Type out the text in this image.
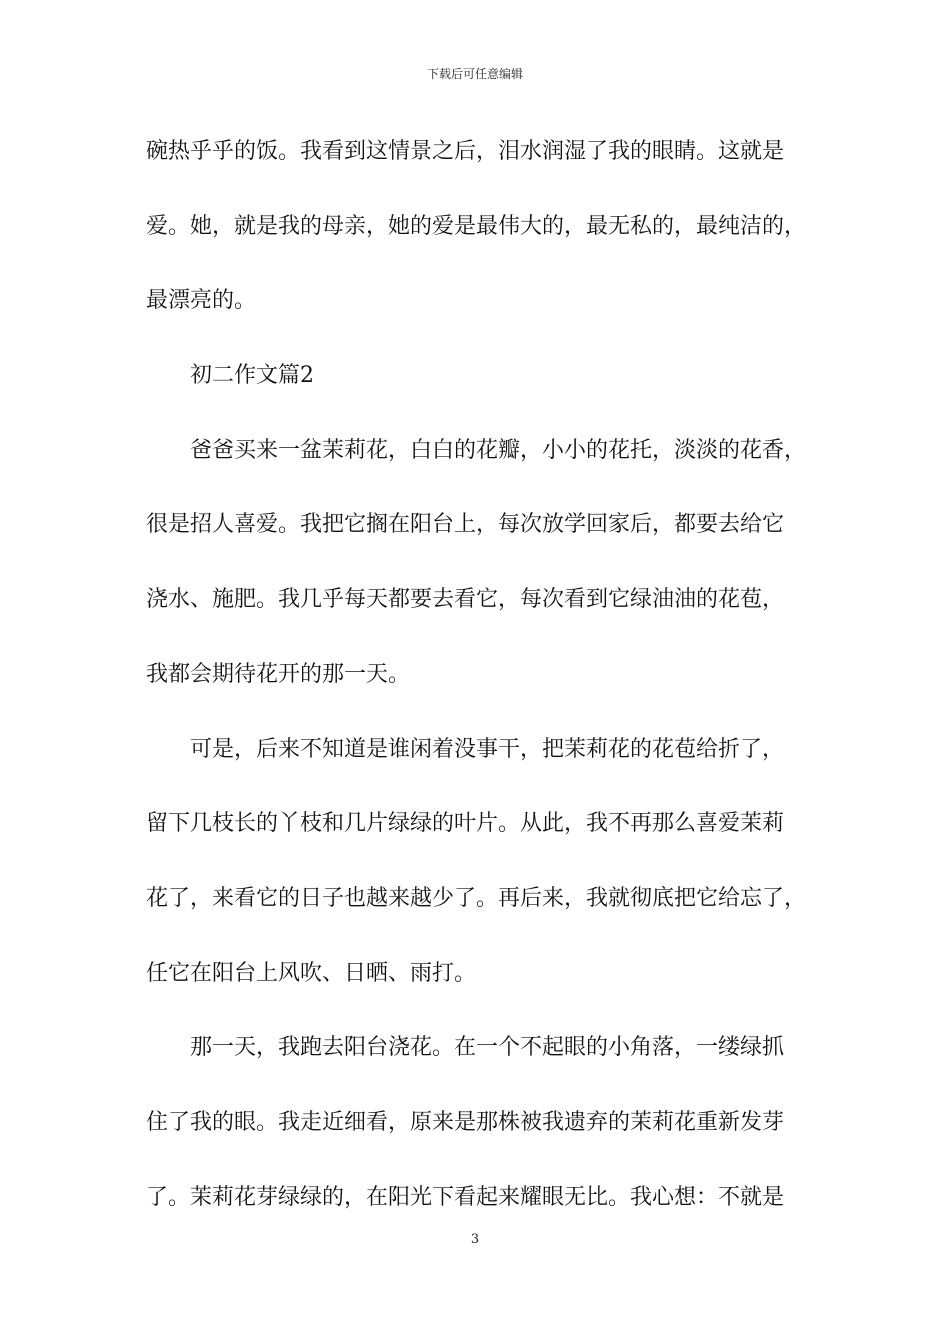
下载后可任意编辑
碗热乎乎的饭。我看到这情景之后，泪水润湿了我的眼睛。这就是
爱。她，就是我的母亲，她的爱是最伟大的，最无私的，最纯洁的，
最漂亮的。
初二作文篇2
爸爸买来一盆茉莉花，白白的花瓣，小小的花托，淡淡的花香，
很是招人喜爱。我把它搁在阳台上，每次放学回家后，都要去给它
浇水、施肥。我几乎每天都要去看它，每次看到它绿油油的花苞，
我都会期待花开的那一天。
可是，后来不知道是谁闲着没事干，把茉莉花的花苞给折了，
留下几枝长的丫枝和几片绿绿的叶片。从此，我不再那么喜爱茉莉
花了，来看它的日子也越来越少了。再后来，我就彻底把它给忘了，
任它在阳台上风吹、日晒、雨打。
那一天，我跑去阳台浇花。在一个不起眼的小角落，一缕绿抓
住了我的眼。我走近细看，原来是那株被我遗弃的茉莉花重新发芽
了。茉莉花芽绿绿的，在阳光下看起来耀眼无比。我心想：不就是
3
